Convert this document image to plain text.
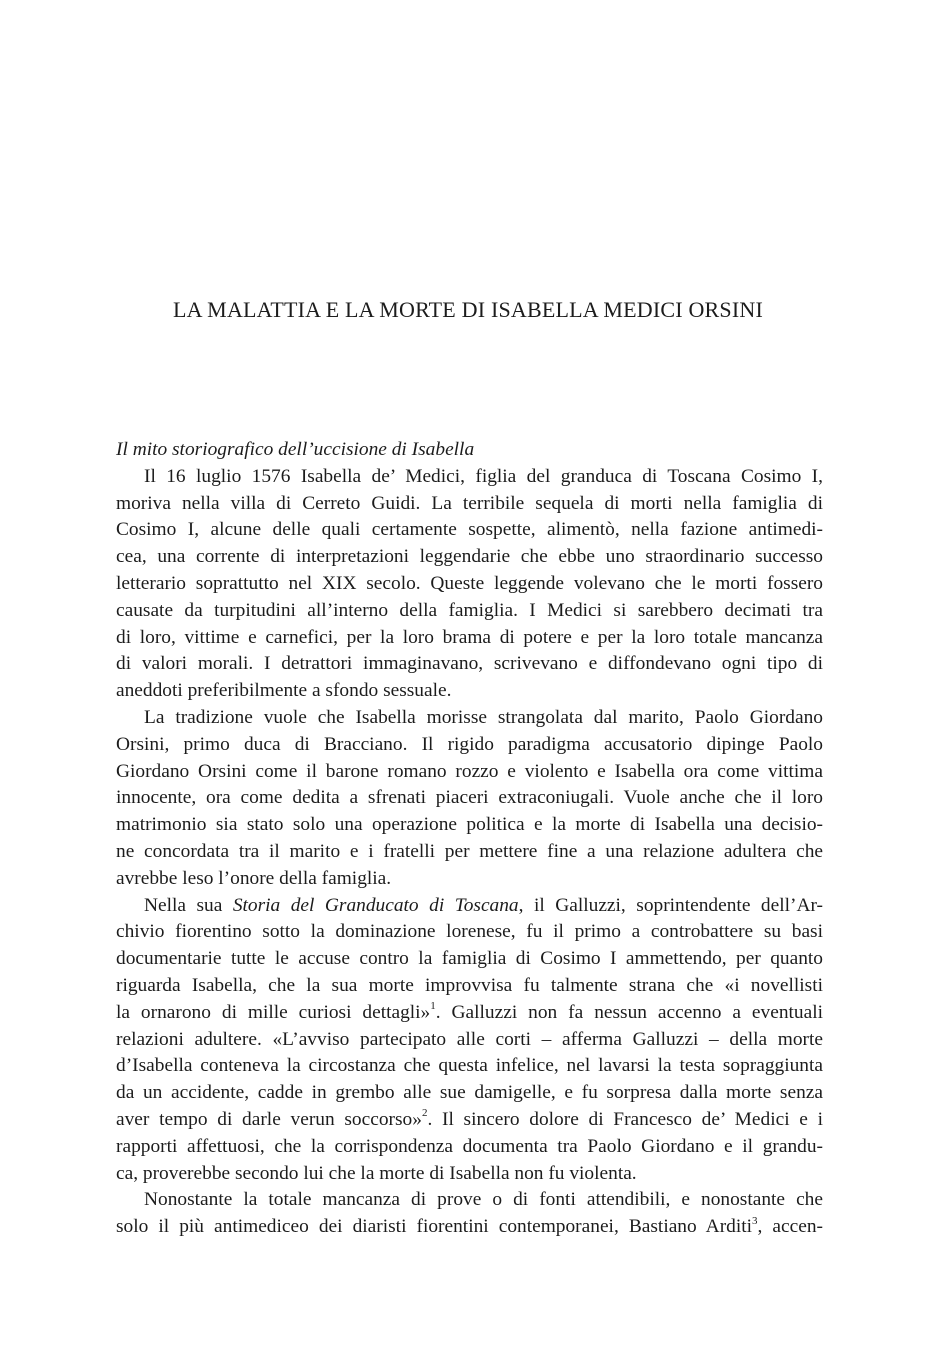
LA MALATTIA E LA MORTE DI ISABELLA MEDICI ORSINI
Il mito storiografico dell’uccisione di Isabella
Il 16 luglio 1576 Isabella de’ Medici, figlia del granduca di Toscana Cosimo I,
moriva nella villa di Cerreto Guidi. La terribile sequela di morti nella famiglia di
Cosimo I, alcune delle quali certamente sospette, alimentò, nella fazione antimedi-
cea, una corrente di interpretazioni leggendarie che ebbe uno straordinario successo
letterario soprattutto nel XIX secolo. Queste leggende volevano che le morti fossero
causate da turpitudini all’interno della famiglia. I Medici si sarebbero decimati tra
di loro, vittime e carnefici, per la loro brama di potere e per la loro totale mancanza
di valori morali. I detrattori immaginavano, scrivevano e diffondevano ogni tipo di
aneddoti preferibilmente a sfondo sessuale.
La tradizione vuole che Isabella morisse strangolata dal marito, Paolo Giordano
Orsini, primo duca di Bracciano. Il rigido paradigma accusatorio dipinge Paolo
Giordano Orsini come il barone romano rozzo e violento e Isabella ora come vittima
innocente, ora come dedita a sfrenati piaceri extraconiugali. Vuole anche che il loro
matrimonio sia stato solo una operazione politica e la morte di Isabella una decisio-
ne concordata tra il marito e i fratelli per mettere fine a una relazione adultera che
avrebbe leso l’onore della famiglia.
Nella sua Storia del Granducato di Toscana, il Galluzzi, soprintendente dell’Ar-
chivio fiorentino sotto la dominazione lorenese, fu il primo a controbattere su basi
documentarie tutte le accuse contro la famiglia di Cosimo I ammettendo, per quanto
riguarda Isabella, che la sua morte improvvisa fu talmente strana che «i novellisti
la ornarono di mille curiosi dettagli»$^1$. Galluzzi non fa nessun accenno a eventuali
relazioni adultere. «L’avviso partecipato alle corti – afferma Galluzzi – della morte
d’Isabella conteneva la circostanza che questa infelice, nel lavarsi la testa sopraggiunta
da un accidente, cadde in grembo alle sue damigelle, e fu sorpresa dalla morte senza
aver tempo di darle verun soccorso»$^2$. Il sincero dolore di Francesco de’ Medici e i
rapporti affettuosi, che la corrispondenza documenta tra Paolo Giordano e il grandu-
ca, proverebbe secondo lui che la morte di Isabella non fu violenta.
Nonostante la totale mancanza di prove o di fonti attendibili, e nonostante che
solo il più antimediceo dei diaristi fiorentini contemporanei, Bastiano Arditi$^3$, accen-
